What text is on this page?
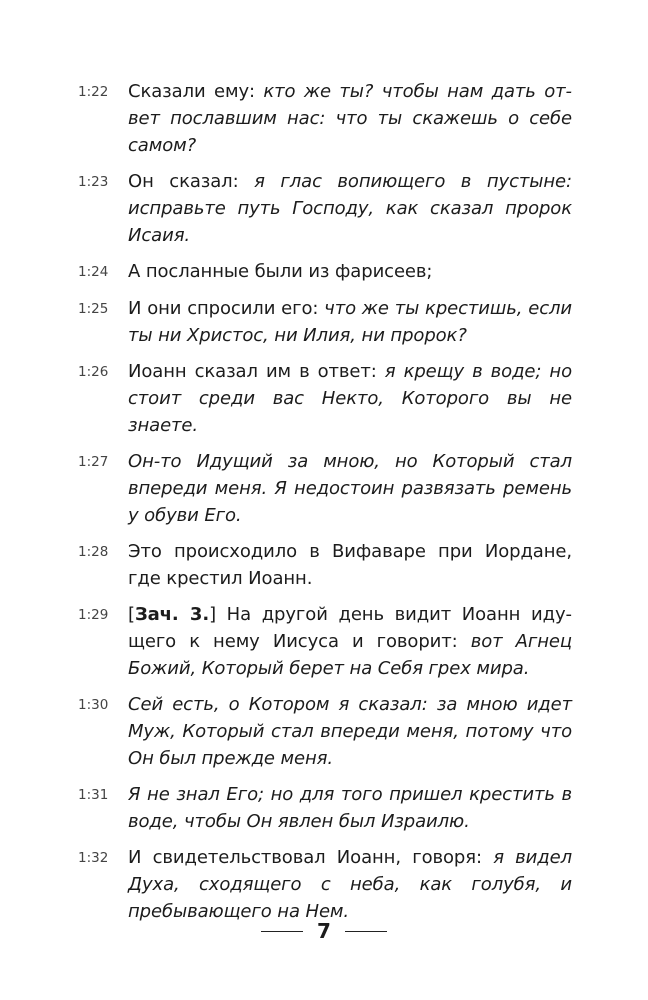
1:22	Сказали ему: кто же ты? чтобы нам дать ответ пославшим нас: что ты скажешь о себе самом?
1:23	Он сказал: я глас вопиющего в пустыне: исправьте путь Господу, как сказал пророк Исаия.
1:24	А посланные были из фарисеев;
1:25	И они спросили его: что же ты крестишь, если ты ни Христос, ни Илия, ни пророк?
1:26	Иоанн сказал им в ответ: я крещу в воде; но стоит среди вас Некто, Которого вы не знаете.
1:27	Он-то Идущий за мною, но Который стал впереди меня. Я недостоин развязать ремень у обуви Его.
1:28	Это происходило в Вифаваре при Иордане, где крестил Иоанн.
1:29	[Зач. 3.] На другой день видит Иоанн идущего к нему Иисуса и говорит: вот Агнец Божий, Который берет на Себя грех мира.
1:30	Сей есть, о Котором я сказал: за мною идет Муж, Который стал впереди меня, потому что Он был прежде меня.
1:31	Я не знал Его; но для того пришел крестить в воде, чтобы Он явлен был Израилю.
1:32	И свидетельствовал Иоанн, говоря: я видел Духа, сходящего с неба, как голубя, и пребывающего на Нем.
7
